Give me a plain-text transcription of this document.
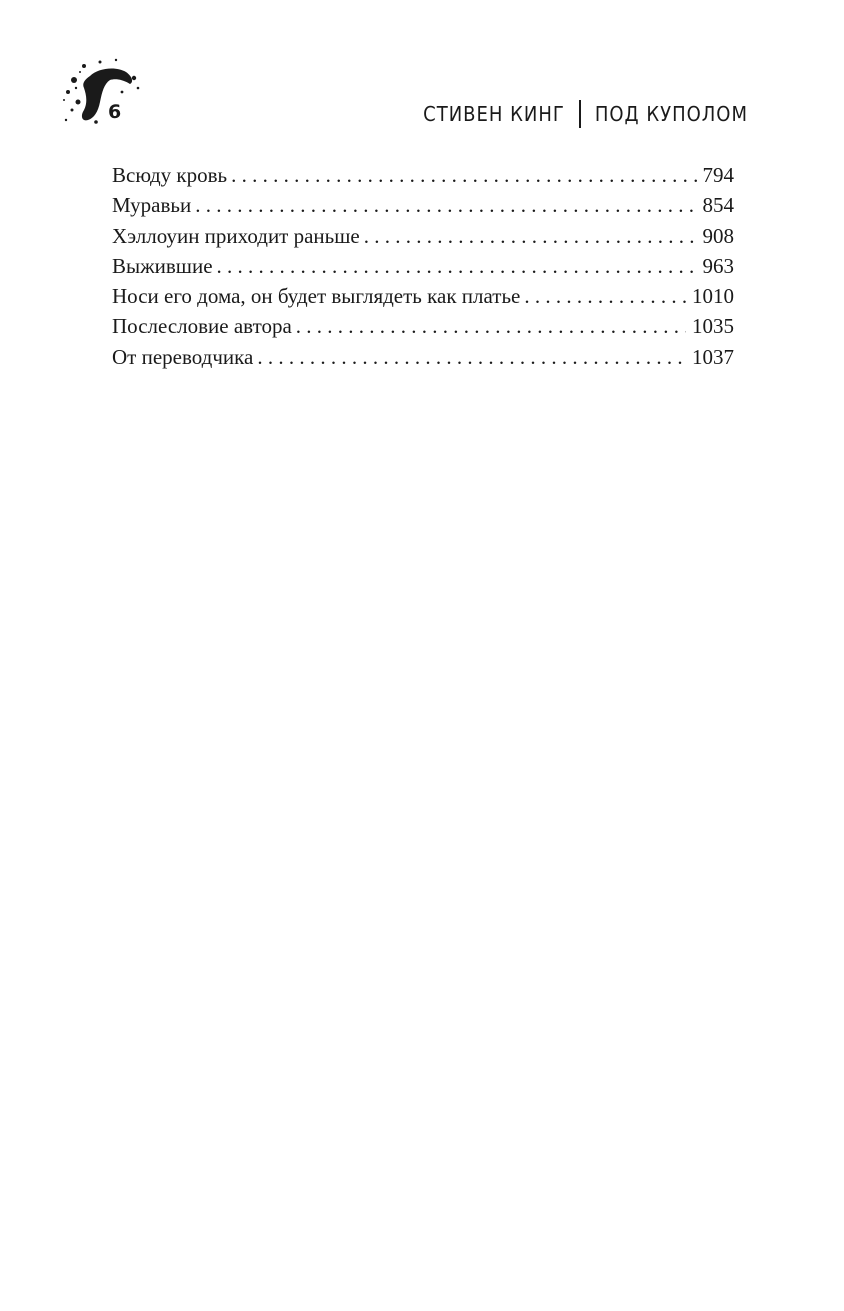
6	СТИВЕН КИНГ ПОД КУПОЛОМ
Всюду кровь . . .	794
Муравьи . . .	854
Хэллоуин приходит раньше . . .	908
Выжившие . . .	963
Носи его дома, он будет выглядеть как платье . . .	1010
Послесловие автора . . .	1035
От переводчика . . .	1037
